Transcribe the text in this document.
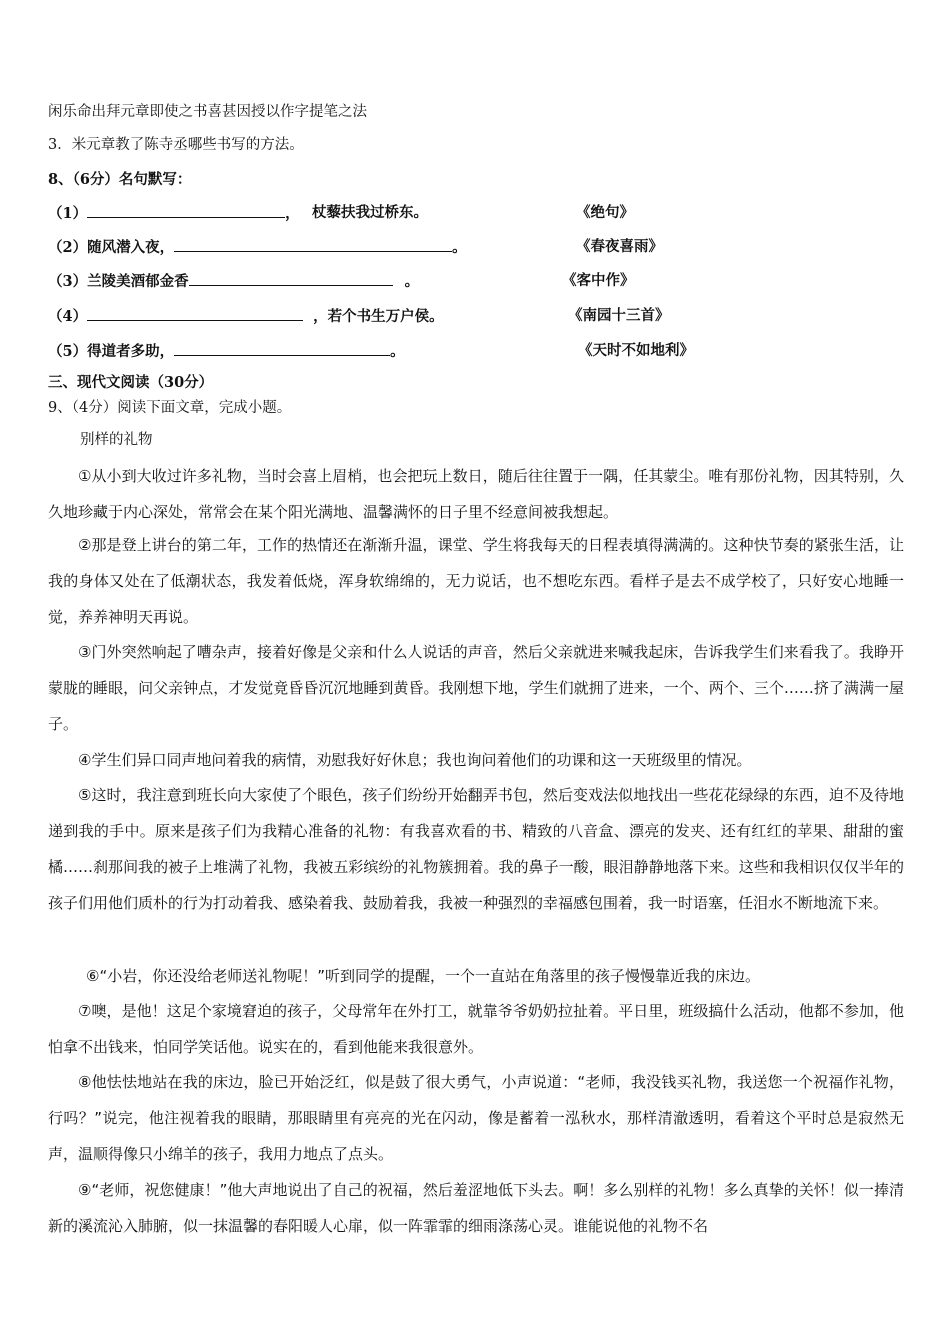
闲乐命出拜元章即使之书喜甚因授以作字提笔之法
3．米元章教了陈寺丞哪些书写的方法。
8、（6分）名句默写：
（1）	， 杖藜扶我过桥东。	《绝句》
（2）随风潜入夜，	。	《春夜喜雨》
（3）兰陵美酒郁金香	。	《客中作》
（4）	，若个书生万户侯。	《南园十三首》
（5）得道者多助，	。	《天时不如地利》
三、现代文阅读（30分）
9、（4分）阅读下面文章，完成小题。
别样的礼物
①从小到大收过许多礼物，当时会喜上眉梢，也会把玩上数日，随后往往置于一隅，任其蒙尘。唯有那份礼物，因其特别，久久地珍藏于内心深处，常常会在某个阳光满地、温馨满怀的日子里不经意间被我想起。
②那是登上讲台的第二年，工作的热情还在渐渐升温，课堂、学生将我每天的日程表填得满满的。这种快节奏的紧张生活，让我的身体又处在了低潮状态，我发着低烧，浑身软绵绵的，无力说话，也不想吃东西。看样子是去不成学校了，只好安心地睡一觉，养养神明天再说。
③门外突然响起了嘈杂声，接着好像是父亲和什么人说话的声音，然后父亲就进来喊我起床，告诉我学生们来看我了。我睁开蒙胧的睡眼，问父亲钟点，才发觉竟昏昏沉沉地睡到黄昏。我刚想下地，学生们就拥了进来，一个、两个、三个……挤了满满一屋子。
④学生们异口同声地问着我的病情，劝慰我好好休息；我也询问着他们的功课和这一天班级里的情况。
⑤这时，我注意到班长向大家使了个眼色，孩子们纷纷开始翻弄书包，然后变戏法似地找出一些花花绿绿的东西，迫不及待地递到我的手中。原来是孩子们为我精心准备的礼物：有我喜欢看的书、精致的八音盒、漂亮的发夹、还有红红的苹果、甜甜的蜜橘……刹那间我的被子上堆满了礼物，我被五彩缤纷的礼物簇拥着。我的鼻子一酸，眼泪静静地落下来。这些和我相识仅仅半年的孩子们用他们质朴的行为打动着我、感染着我、鼓励着我，我被一种强烈的幸福感包围着，我一时语塞，任泪水不断地流下来。
⑥“小岩，你还没给老师送礼物呢！”听到同学的提醒，一个一直站在角落里的孩子慢慢靠近我的床边。
⑦噢，是他！这足个家境窘迫的孩子，父母常年在外打工，就靠爷爷奶奶拉扯着。平日里，班级搞什么活动，他都不参加，他怕拿不出钱来，怕同学笑话他。说实在的，看到他能来我很意外。
⑧他怯怯地站在我的床边，脸已开始泛红，似是鼓了很大勇气，小声说道：“老师，我没钱买礼物，我送您一个祝福作礼物，行吗？”说完，他注视着我的眼睛，那眼睛里有亮亮的光在闪动，像是蓄着一泓秋水，那样清澈透明，看着这个平时总是寂然无声，温顺得像只小绵羊的孩子，我用力地点了点头。
⑨“老师，祝您健康！”他大声地说出了自己的祝福，然后羞涩地低下头去。啊！多么别样的礼物！多么真挚的关怀！似一捧清新的溪流沁入肺腑，似一抹温馨的春阳暖人心扉，似一阵霏霏的细雨涤荡心灵。谁能说他的礼物不名
